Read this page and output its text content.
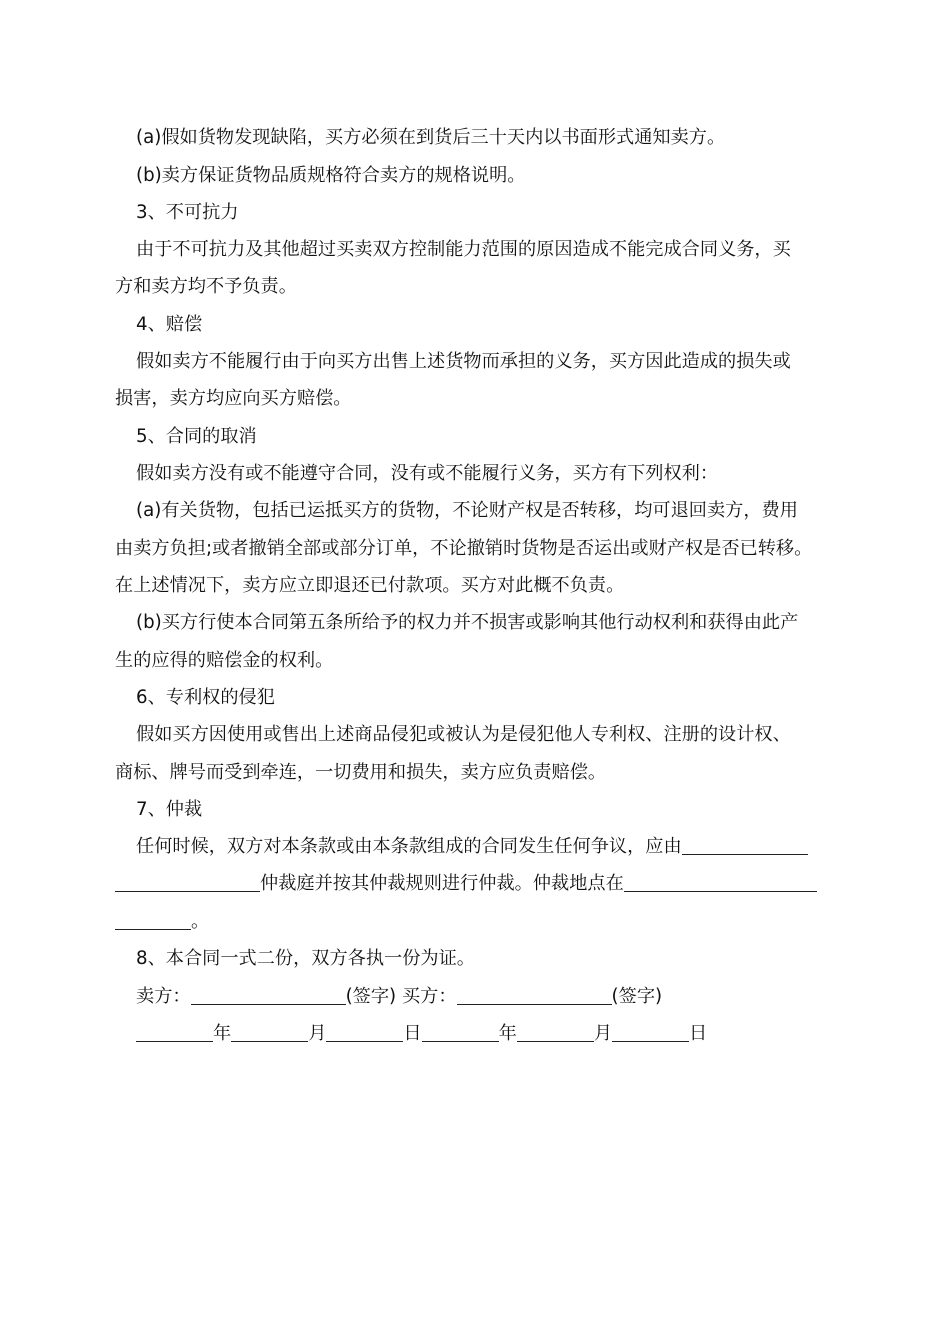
(a)假如货物发现缺陷，买方必须在到货后三十天内以书面形式通知卖方。
(b)卖方保证货物品质规格符合卖方的规格说明。
3、不可抗力
由于不可抗力及其他超过买卖双方控制能力范围的原因造成不能完成合同义务，买
方和卖方均不予负责。
4、赔偿
假如卖方不能履行由于向买方出售上述货物而承担的义务，买方因此造成的损失或
损害，卖方均应向买方赔偿。
5、合同的取消
假如卖方没有或不能遵守合同，没有或不能履行义务，买方有下列权利：
(a)有关货物，包括已运抵买方的货物，不论财产权是否转移，均可退回卖方，费用
由卖方负担;或者撤销全部或部分订单，不论撤销时货物是否运出或财产权是否已转移。
在上述情况下，卖方应立即退还已付款项。买方对此概不负责。
(b)买方行使本合同第五条所给予的权力并不损害或影响其他行动权利和获得由此产
生的应得的赔偿金的权利。
6、专利权的侵犯
假如买方因使用或售出上述商品侵犯或被认为是侵犯他人专利权、注册的设计权、
商标、牌号而受到牵连，一切费用和损失，卖方应负责赔偿。
7、仲裁
任何时候，双方对本条款或由本条款组成的合同发生任何争议，应由
仲裁庭并按其仲裁规则进行仲裁。仲裁地点在
。
8、本合同一式二份，双方各执一份为证。
卖方：	(签字) 买方：	(签字)
年	月	日	年	月	日
